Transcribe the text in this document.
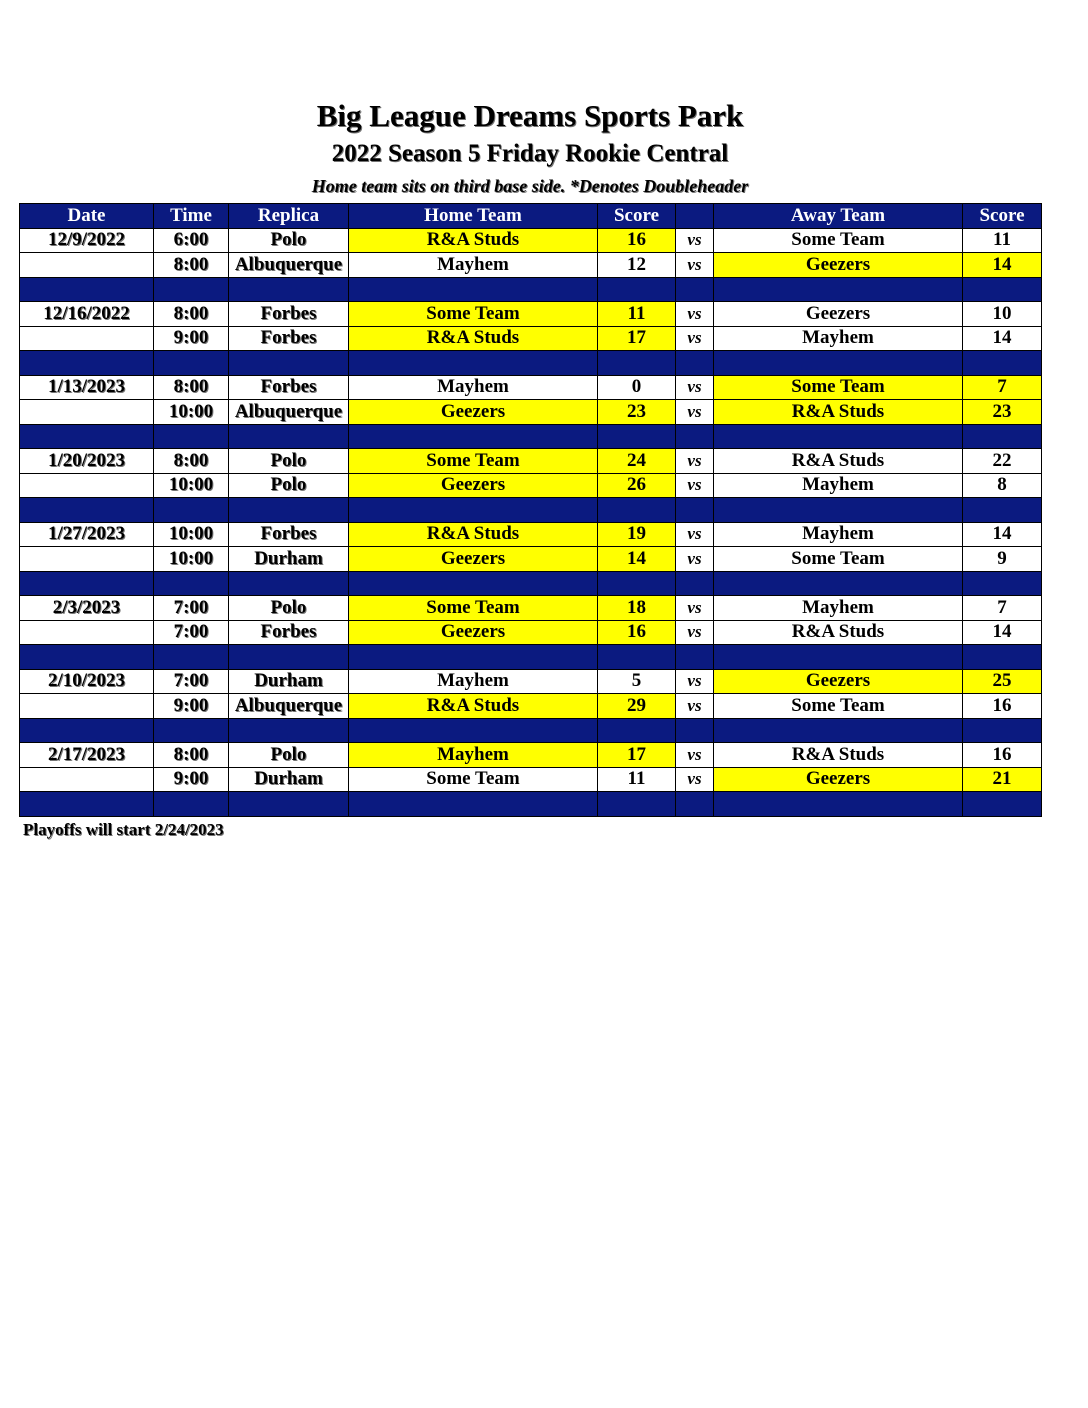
Big League Dreams Sports Park
2022 Season 5 Friday Rookie Central
Home team sits on third base side. *Denotes Doubleheader
Date	Time	Replica	Home Team	Score		Away Team	Score
12/9/2022	6:00	Polo	R&A Studs	16	vs	Some Team	11
	8:00	Albuquerque	Mayhem	12	vs	Geezers	14

12/16/2022	8:00	Forbes	Some Team	11	vs	Geezers	10
	9:00	Forbes	R&A Studs	17	vs	Mayhem	14

1/13/2023	8:00	Forbes	Mayhem	0	vs	Some Team	7
	10:00	Albuquerque	Geezers	23	vs	R&A Studs	23

1/20/2023	8:00	Polo	Some Team	24	vs	R&A Studs	22
	10:00	Polo	Geezers	26	vs	Mayhem	8

1/27/2023	10:00	Forbes	R&A Studs	19	vs	Mayhem	14
	10:00	Durham	Geezers	14	vs	Some Team	9

2/3/2023	7:00	Polo	Some Team	18	vs	Mayhem	7
	7:00	Forbes	Geezers	16	vs	R&A Studs	14

2/10/2023	7:00	Durham	Mayhem	5	vs	Geezers	25
	9:00	Albuquerque	R&A Studs	29	vs	Some Team	16

2/17/2023	8:00	Polo	Mayhem	17	vs	R&A Studs	16
	9:00	Durham	Some Team	11	vs	Geezers	21

Playoffs will start 2/24/2023
